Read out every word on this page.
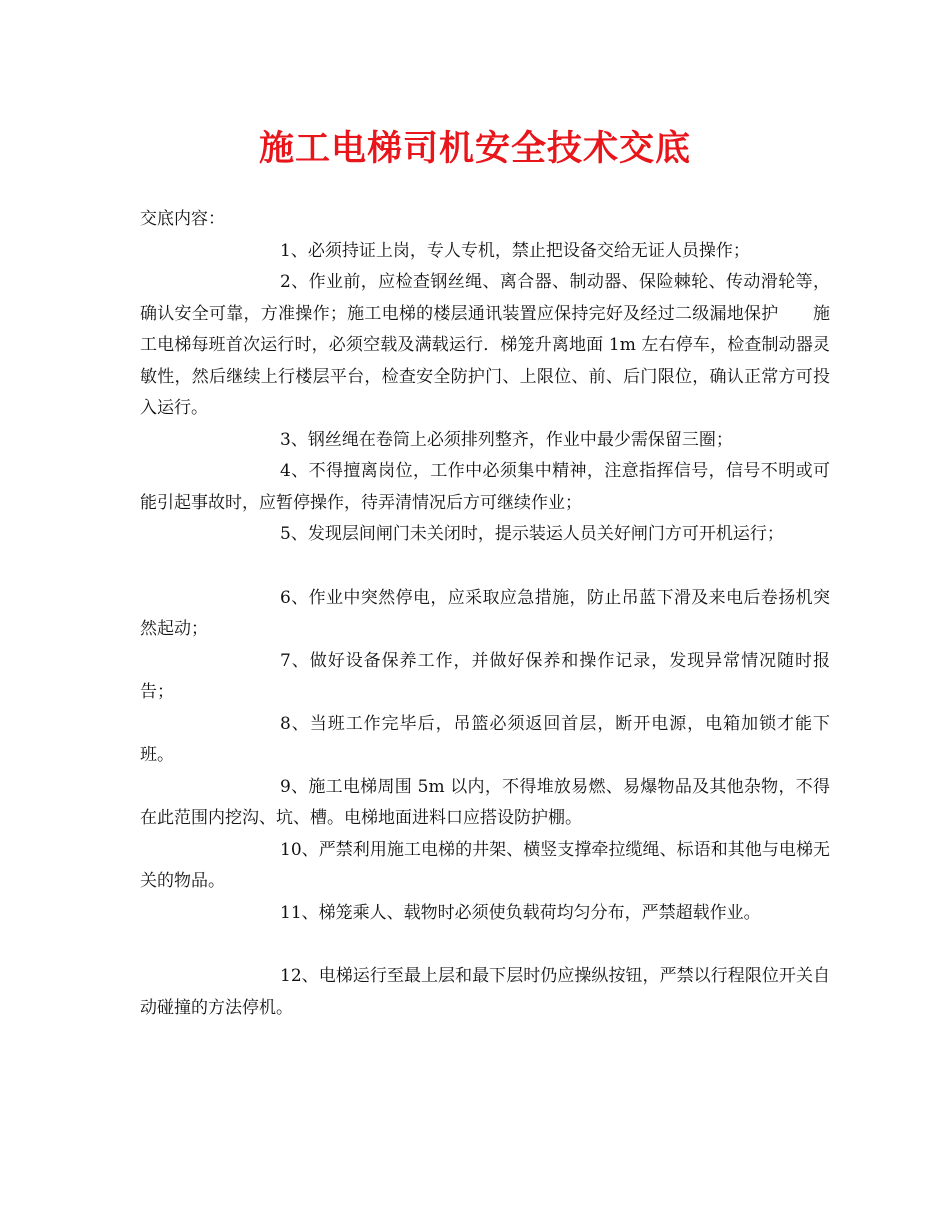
施工电梯司机安全技术交底

交底内容：

1、必须持证上岗，专人专机，禁止把设备交给无证人员操作；

2、作业前，应检查钢丝绳、离合器、制动器、保险棘轮、传动滑轮等，确认安全可靠，方准操作；施工电梯的楼层通讯装置应保持完好及经过二级漏地保护　　施工电梯每班首次运行时，必须空载及满载运行．梯笼升离地面 1m 左右停车，检查制动器灵敏性，然后继续上行楼层平台，检查安全防护门、上限位、前、后门限位，确认正常方可投入运行。

3、钢丝绳在卷筒上必须排列整齐，作业中最少需保留三圈；

4、不得擅离岗位，工作中必须集中精神，注意指挥信号，信号不明或可能引起事故时，应暂停操作，待弄清情况后方可继续作业；

5、发现层间闸门未关闭时，提示装运人员关好闸门方可开机运行；

6、作业中突然停电，应采取应急措施，防止吊蓝下滑及来电后卷扬机突然起动；

7、做好设备保养工作，并做好保养和操作记录，发现异常情况随时报告；

8、当班工作完毕后，吊篮必须返回首层，断开电源，电箱加锁才能下班。

9、施工电梯周围 5m 以内，不得堆放易燃、易爆物品及其他杂物，不得在此范围内挖沟、坑、槽。电梯地面进料口应搭设防护棚。

10、严禁利用施工电梯的井架、横竖支撑牵拉缆绳、标语和其他与电梯无关的物品。

11、梯笼乘人、载物时必须使负载荷均匀分布，严禁超载作业。

12、电梯运行至最上层和最下层时仍应操纵按钮，严禁以行程限位开关自动碰撞的方法停机。
